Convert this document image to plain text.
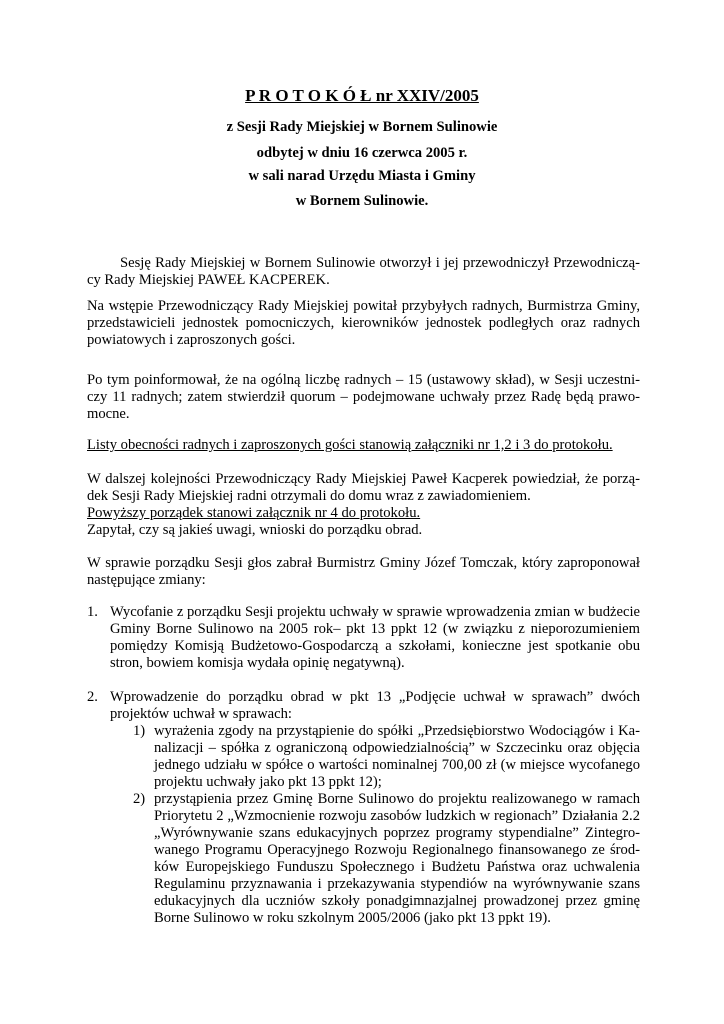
P R O T O K Ó Ł nr XXIV/2005

z Sesji Rady Miejskiej w Bornem Sulinowie

odbytej w dniu 16 czerwca 2005 r.

w sali narad Urzędu Miasta i Gminy

w Bornem Sulinowie.

Sesję Rady Miejskiej w Bornem Sulinowie otworzył i jej przewodniczył Przewodniczący Rady Miejskiej PAWEŁ KACPEREK.

Na wstępie Przewodniczący Rady Miejskiej powitał przybyłych radnych, Burmistrza Gminy, przedstawicieli jednostek pomocniczych, kierowników jednostek podległych oraz radnych powiatowych i zaproszonych gości.

Po tym poinformował, że na ogólną liczbę radnych – 15 (ustawowy skład), w Sesji uczestniczy 11 radnych; zatem stwierdził quorum – podejmowane uchwały przez Radę będą prawomocne.

Listy obecności radnych i zaproszonych gości stanowią załączniki nr 1,2 i 3 do protokołu.

W dalszej kolejności Przewodniczący Rady Miejskiej Paweł Kacperek powiedział, że porządek Sesji Rady Miejskiej radni otrzymali do domu wraz z zawiadomieniem.
Powyższy porządek stanowi załącznik nr 4 do protokołu.
Zapytał, czy są jakieś uwagi, wnioski do porządku obrad.

W sprawie porządku Sesji głos zabrał Burmistrz Gminy Józef Tomczak, który zaproponował następujące zmiany:

1. Wycofanie z porządku Sesji projektu uchwały w sprawie wprowadzenia zmian w budżecie Gminy Borne Sulinowo na 2005 rok– pkt 13 ppkt 12 (w związku z nieporozumieniem pomiędzy Komisją Budżetowo-Gospodarczą a szkołami, konieczne jest spotkanie obu stron, bowiem komisja wydała opinię negatywną).

2. Wprowadzenie do porządku obrad w pkt 13 „Podjęcie uchwał w sprawach” dwóch projektów uchwał w sprawach:

1) wyrażenia zgody na przystąpienie do spółki „Przedsiębiorstwo Wodociągów i Kanalizacji – spółka z ograniczoną odpowiedzialnością” w Szczecinku oraz objęcia jednego udziału w spółce o wartości nominalnej 700,00 zł (w miejsce wycofanego projektu uchwały jako pkt 13 ppkt 12);

2) przystąpienia przez Gminę Borne Sulinowo do projektu realizowanego w ramach Priorytetu 2 „Wzmocnienie rozwoju zasobów ludzkich w regionach” Działania 2.2 „Wyrównywanie szans edukacyjnych poprzez programy stypendialne” Zintegrowanego Programu Operacyjnego Rozwoju Regionalnego finansowanego ze środków Europejskiego Funduszu Społecznego i Budżetu Państwa oraz uchwalenia Regulaminu przyznawania i przekazywania stypendiów na wyrównywanie szans edukacyjnych dla uczniów szkoły ponadgimnazjalnej prowadzonej przez gminę Borne Sulinowo w roku szkolnym 2005/2006 (jako pkt 13 ppkt 19).
